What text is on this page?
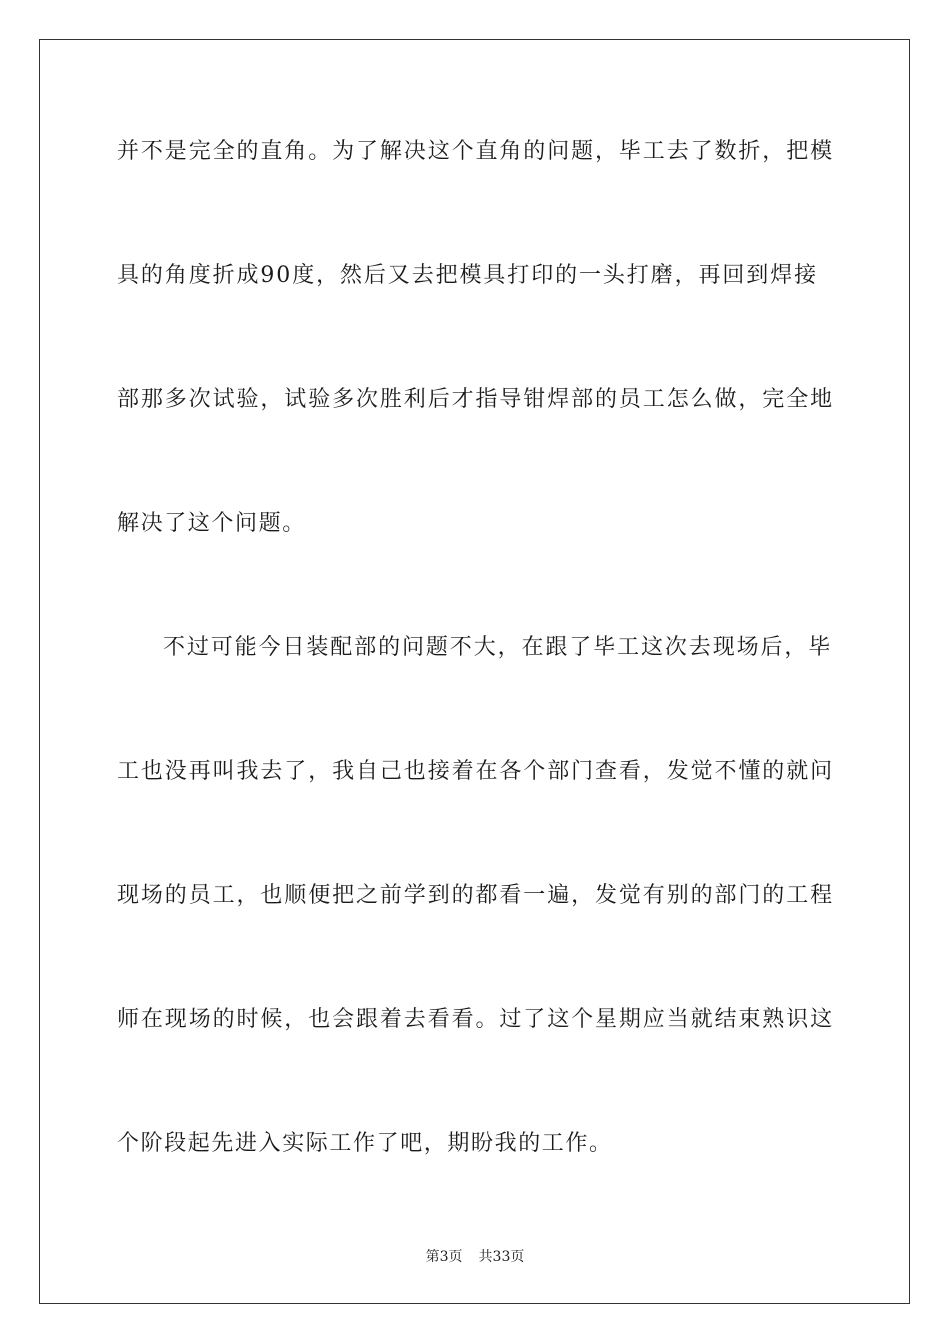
并不是完全的直角。为了解决这个直角的问题，毕工去了数折，把模
具的角度折成90度，然后又去把模具打印的一头打磨，再回到焊接
部那多次试验，试验多次胜利后才指导钳焊部的员工怎么做，完全地
解决了这个问题。
不过可能今日装配部的问题不大，在跟了毕工这次去现场后，毕
工也没再叫我去了，我自己也接着在各个部门查看，发觉不懂的就问
现场的员工，也顺便把之前学到的都看一遍，发觉有别的部门的工程
师在现场的时候，也会跟着去看看。过了这个星期应当就结束熟识这
个阶段起先进入实际工作了吧，期盼我的工作。
第3页 共33页
